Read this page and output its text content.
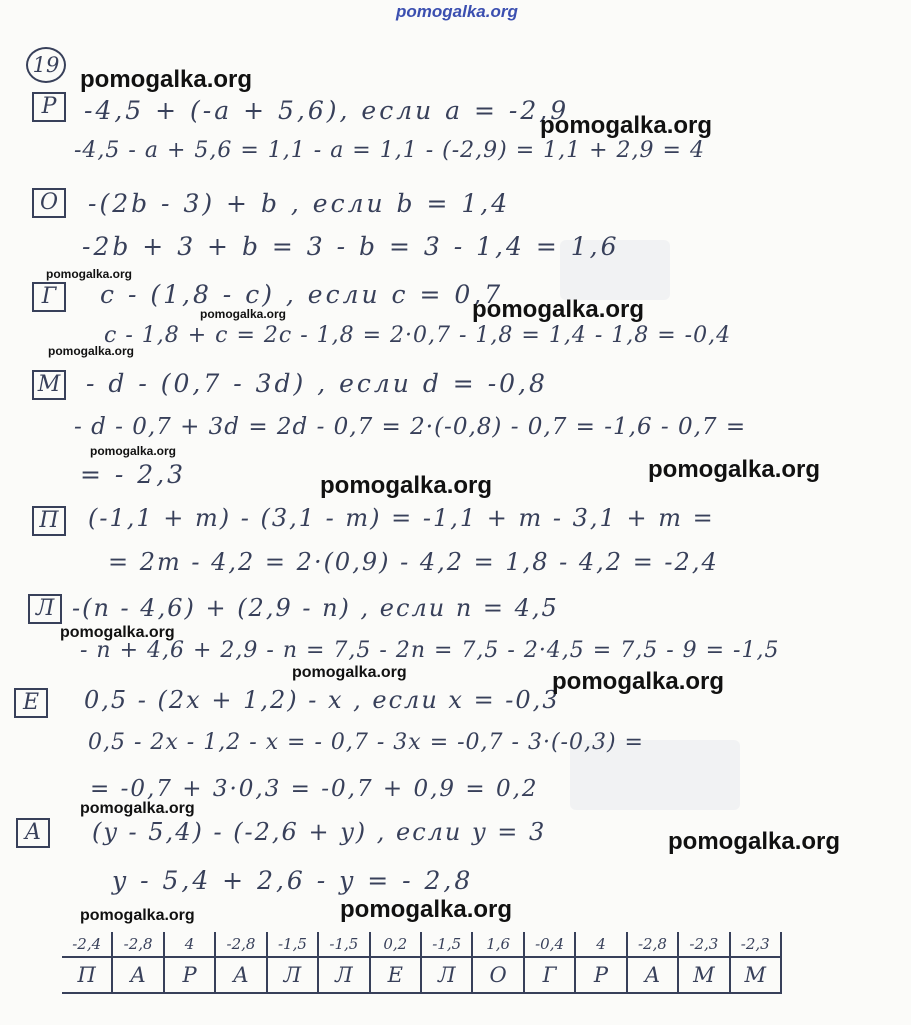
pomogalka.org
19
Р	-4,5 + (-a + 5,6), если a = -2,9
-4,5 - a + 5,6 = 1,1 - a = 1,1 - (-2,9) = 1,1 + 2,9 = 4
О	-(2b - 3) + b , если b = 1,4
-2b + 3 + b = 3 - b = 3 - 1,4 = 1,6
Г	c - (1,8 - c) , если c = 0,7
c - 1,8 + c = 2c - 1,8 = 2·0,7 - 1,8 = 1,4 - 1,8 = -0,4
М - d - (0,7 - 3d) , если d = -0,8
- d - 0,7 + 3d = 2d - 0,7 = 2·(-0,8) - 0,7 = -1,6 - 0,7 =
= - 2,3
П	(-1,1 + m) - (3,1 - m) = -1,1 + m - 3,1 + m =
= 2m - 4,2 = 2·(0,9) - 4,2 = 1,8 - 4,2 = -2,4
Л -(n - 4,6) + (2,9 - n) , если n = 4,5
- n + 4,6 + 2,9 - n = 7,5 - 2n = 7,5 - 2·4,5 = 7,5 - 9 = -1,5
Е	0,5 - (2x + 1,2) - x , если x = -0,3
0,5 - 2x - 1,2 - x = - 0,7 - 3x = -0,7 - 3·(-0,3) =
= -0,7 + 3·0,3 = -0,7 + 0,9 = 0,2
А	(y - 5,4) - (-2,6 + y) , если y = 3
y - 5,4 + 2,6 - y = - 2,8
-2,4	-2,8	4	-2,8	-1,5	-1,5	0,2	-1,5	1,6	-0,4	4	-2,8	-2,3	-2,3
П	А	Р	А	Л	Л	Е	Л	О	Г	Р	А	М	М
pomogalka.org
pomogalka.org
pomogalka.org
pomogalka.org	pomogalka.org
pomogalka.org
pomogalka.org
pomogalka.org
pomogalka.org
pomogalka.org
pomogalka.org	pomogalka.org
pomogalka.org
pomogalka.org
pomogalka.org	pomogalka.org
